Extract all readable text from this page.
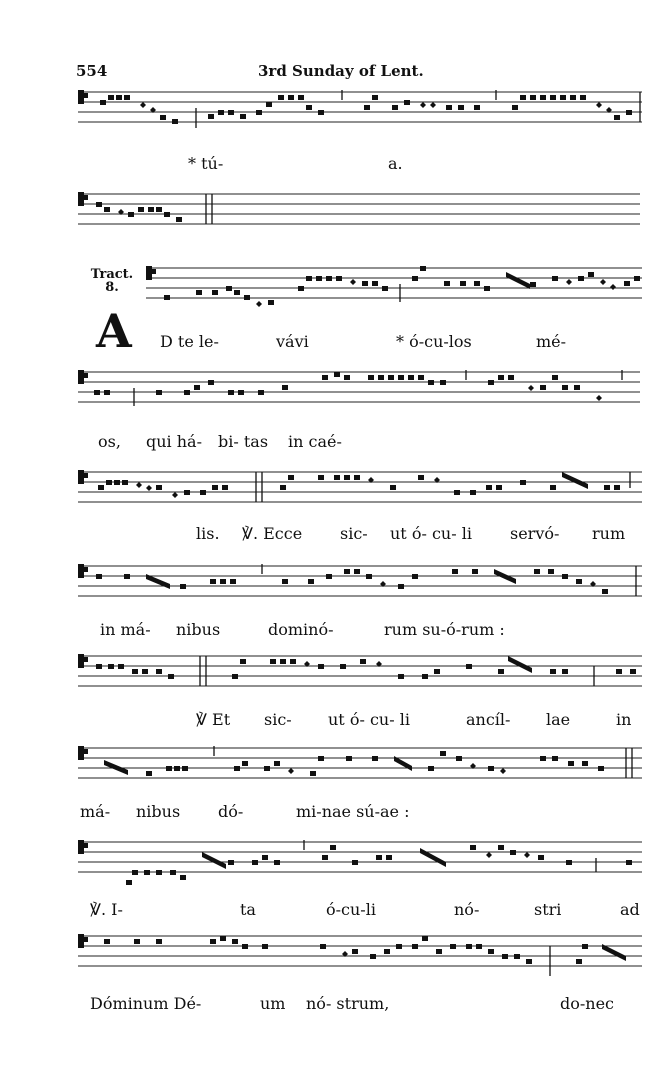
554	3rd Sunday of Lent.
* tú-	a.
Tract.
8.
A D te le-	vávi	* ó-cu-los	mé-
os, qui há- bi- tas in caé-
lis. ℣. Ecce sic- ut ó- cu- li servó- rum
in má- nibus	dominó-	rum su-ó-rum :
℣ Et sic- ut ó- cu- li	ancíl- lae	in
má- nibus dó-	mi-nae sú-ae :
℣. I-	ta	ó-cu-li	nó-	stri	ad
Dóminum Dé-	um nó- strum,	do-nec
